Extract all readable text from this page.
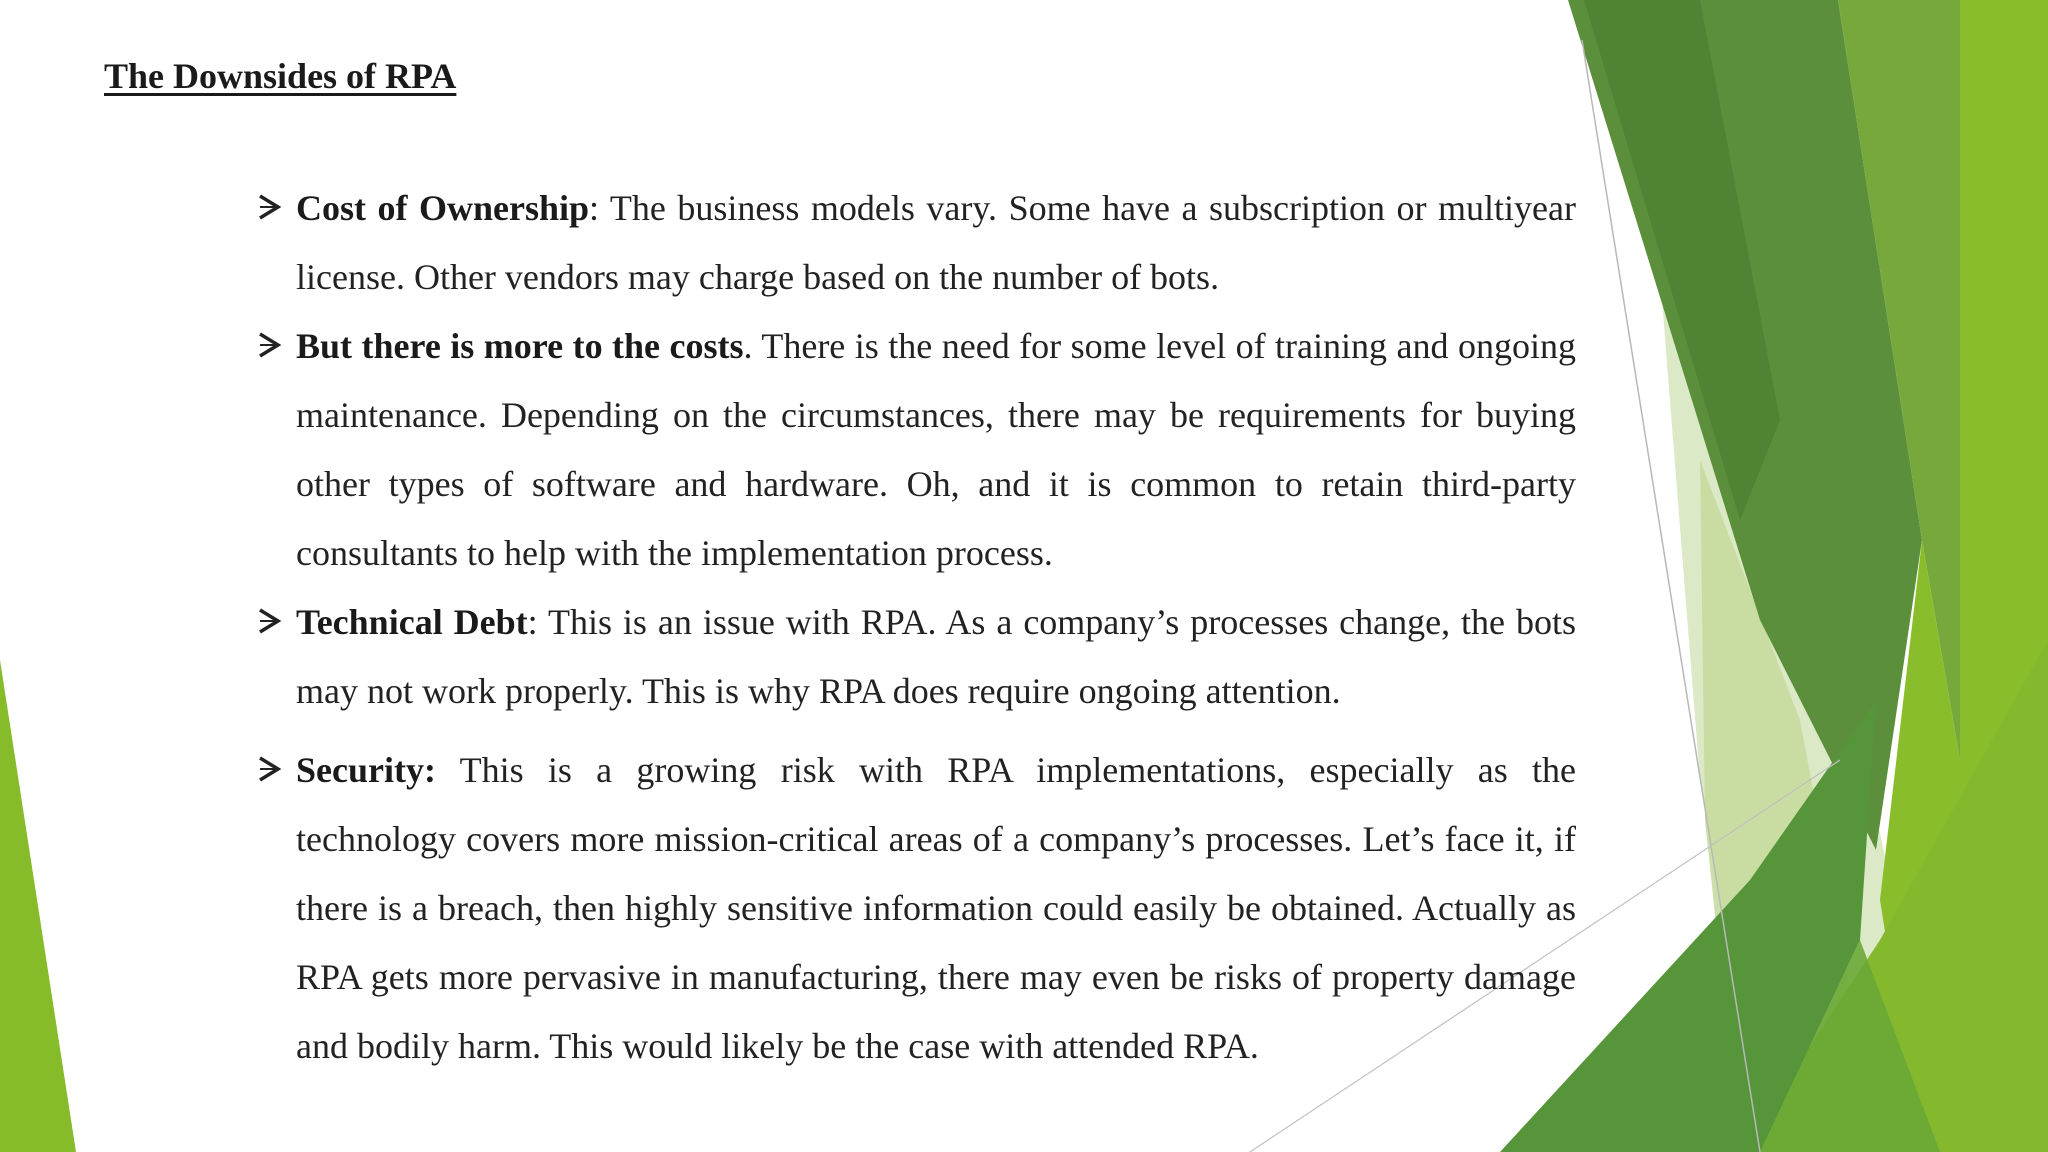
The Downsides of RPA
Cost of Ownership: The business models vary. Some have a subscription or multiyear license. Other vendors may charge based on the number of bots.
But there is more to the costs. There is the need for some level of training and ongoing maintenance. Depending on the circumstances, there may be requirements for buying other types of software and hardware. Oh, and it is common to retain third-party consultants to help with the implementation process.
Technical Debt: This is an issue with RPA. As a company’s processes change, the bots may not work properly. This is why RPA does require ongoing attention.
Security: This is a growing risk with RPA implementations, especially as the technology covers more mission-critical areas of a company’s processes. Let’s face it, if there is a breach, then highly sensitive information could easily be obtained. Actually as RPA gets more pervasive in manufacturing, there may even be risks of property damage and bodily harm. This would likely be the case with attended RPA.
